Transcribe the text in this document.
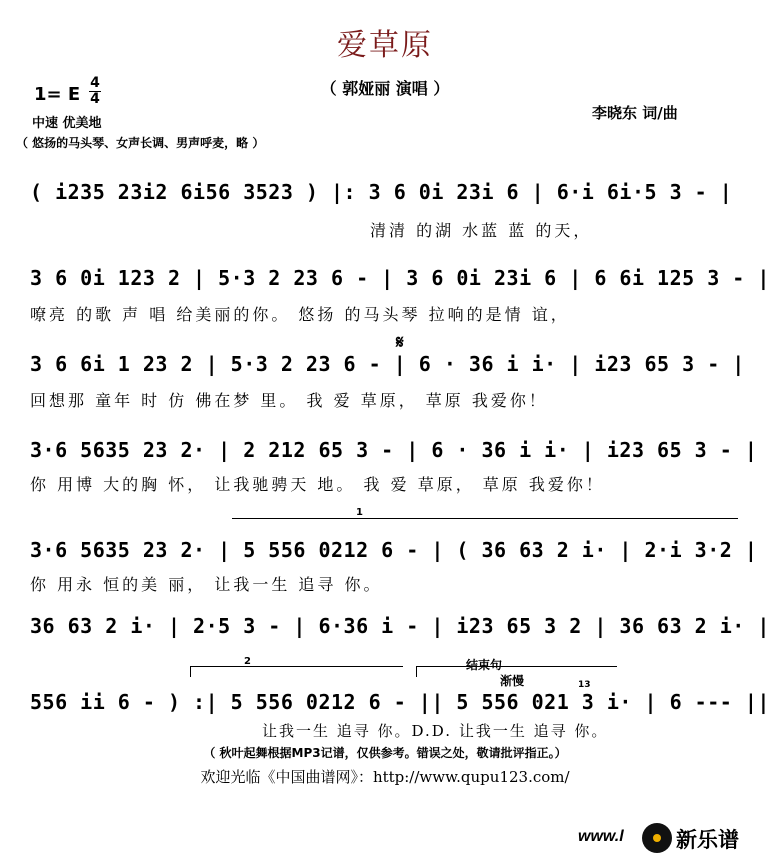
爱草原
（ 郭娅丽 演唱 ）
1= E
4
4
中速 优美地
（ 悠扬的马头琴、女声长调、男声呼麦，略 ）
李晓东 词/曲
( i235 23i2 6i56 3523 ) |: 3 6 0i 23i 6 | 6·i 6i·5 3 - |
清清 的湖 水蓝 蓝 的天，
3 6 0i 123 2 | 5·3 2 23 6 - | 3 6 0i 23i 6 | 6 6i 125 3 - |
嘹亮 的歌 声 唱 给美丽的你。 悠扬 的马头琴 拉响的是情 谊，
𝄋
3 6 6i 1 23 2 | 5·3 2 23 6 - | 6 · 36 i i· | i23 65 3 - |
回想那 童年 时 仿 佛在梦 里。 我 爱 草原， 草原 我爱你！
3·6 5635 23 2· | 2 212 65 3 - | 6 · 36 i i· | i23 65 3 - |
你 用博 大的胸 怀， 让我驰骋天 地。 我 爱 草原， 草原 我爱你！
1
3·6 5635 23 2· | 5 556 0212 6 - | ( 36 63 2 i· | 2·i 3·2 |
你 用永 恒的美 丽， 让我一生 追寻 你。
36 63 2 i· | 2·5 3 - | 6·36 i - | i23 65 3 2 | 36 63 2 i· |
2	结束句
渐慢	13
556 ii 6 - ) :| 5 556 0212 6 - || 5 556 021 3 i· | 6 --- ||
让我一生 追寻 你。D.D. 让我一生 追寻 你。
（ 秋叶起舞根据MP3记谱，仅供参考。错误之处，敬请批评指正。）
欢迎光临《中国曲谱网》：http://www.qupu123.com/
www.l 新乐谱
